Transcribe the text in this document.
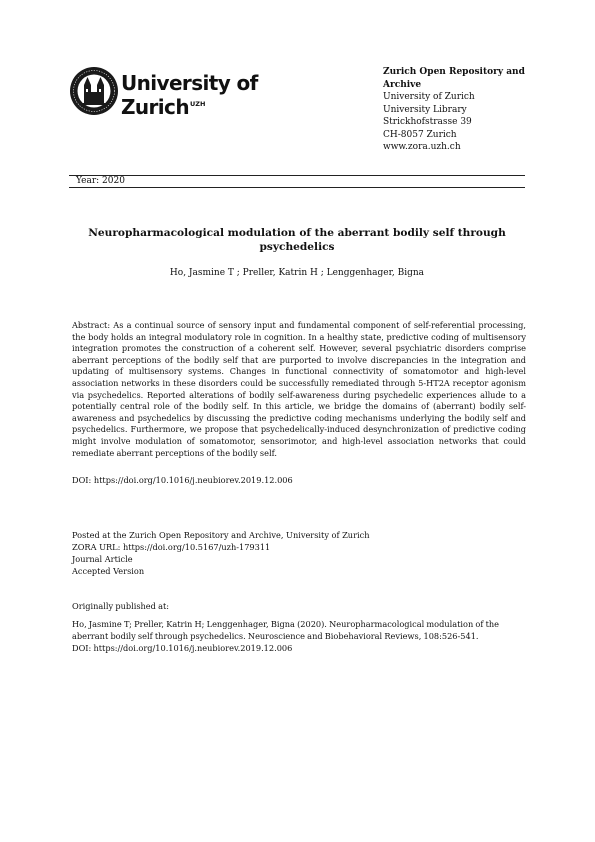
University of
Zurich$^{UZH}$
Zurich Open Repository and Archive
University of Zurich
University Library
Strickhofstrasse 39
CH-8057 Zurich
www.zora.uzh.ch
Year: 2020
Neuropharmacological modulation of the aberrant bodily self through psychedelics
Ho, Jasmine T ; Preller, Katrin H ; Lenggenhager, Bigna
Abstract: As a continual source of sensory input and fundamental component of self-referential processing, the body holds an integral modulatory role in cognition. In a healthy state, predictive coding of multisensory integration promotes the construction of a coherent self. However, several psychiatric disorders comprise aberrant perceptions of the bodily self that are purported to involve discrepancies in the integration and updating of multisensory systems. Changes in functional connectivity of somatomotor and high-level association networks in these disorders could be successfully remediated through 5-HT2A receptor agonism via psychedelics. Reported alterations of bodily self-awareness during psychedelic experiences allude to a potentially central role of the bodily self. In this article, we bridge the domains of (aberrant) bodily self-awareness and psychedelics by discussing the predictive coding mechanisms underlying the bodily self and psychedelics. Furthermore, we propose that psychedelically-induced desynchronization of predictive coding might involve modulation of somatomotor, sensorimotor, and high-level association networks that could remediate aberrant perceptions of the bodily self.
DOI: https://doi.org/10.1016/j.neubiorev.2019.12.006
Posted at the Zurich Open Repository and Archive, University of Zurich
ZORA URL: https://doi.org/10.5167/uzh-179311
Journal Article
Accepted Version
Originally published at:
Ho, Jasmine T; Preller, Katrin H; Lenggenhager, Bigna (2020). Neuropharmacological modulation of the aberrant bodily self through psychedelics. Neuroscience and Biobehavioral Reviews, 108:526-541.
DOI: https://doi.org/10.1016/j.neubiorev.2019.12.006
